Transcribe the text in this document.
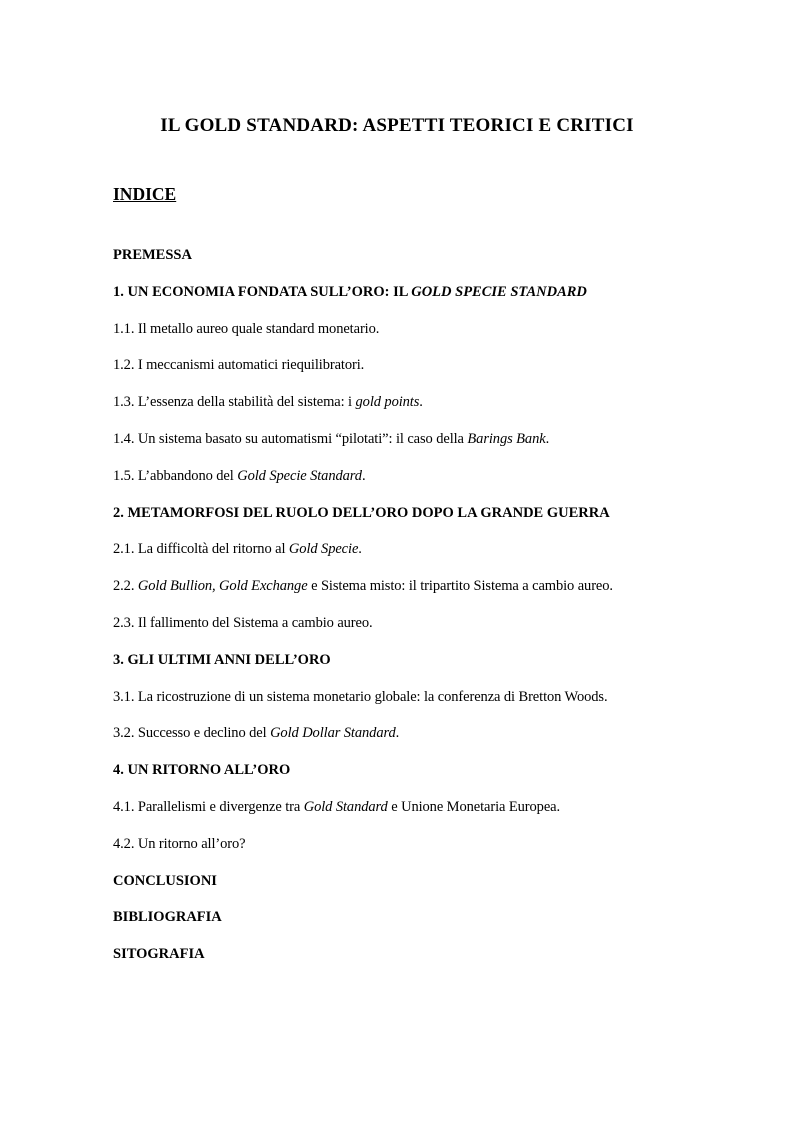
IL GOLD STANDARD: ASPETTI TEORICI E CRITICI
INDICE
PREMESSA
1. UN ECONOMIA FONDATA SULL’ORO: IL GOLD SPECIE STANDARD
1.1. Il metallo aureo quale standard monetario.
1.2. I meccanismi automatici riequilibratori.
1.3. L’essenza della stabilità del sistema: i gold points.
1.4. Un sistema basato su automatismi “pilotati”: il caso della Barings Bank.
1.5. L’abbandono del Gold Specie Standard.
2. METAMORFOSI DEL RUOLO DELL’ORO DOPO LA GRANDE GUERRA
2.1. La difficoltà del ritorno al Gold Specie.
2.2. Gold Bullion, Gold Exchange e Sistema misto: il tripartito Sistema a cambio aureo.
2.3. Il fallimento del Sistema a cambio aureo.
3. GLI ULTIMI ANNI DELL’ORO
3.1. La ricostruzione di un sistema monetario globale: la conferenza di Bretton Woods.
3.2. Successo e declino del Gold Dollar Standard.
4. UN RITORNO ALL’ORO
4.1. Parallelismi e divergenze tra Gold Standard e Unione Monetaria Europea.
4.2. Un ritorno all’oro?
CONCLUSIONI
BIBLIOGRAFIA
SITOGRAFIA
